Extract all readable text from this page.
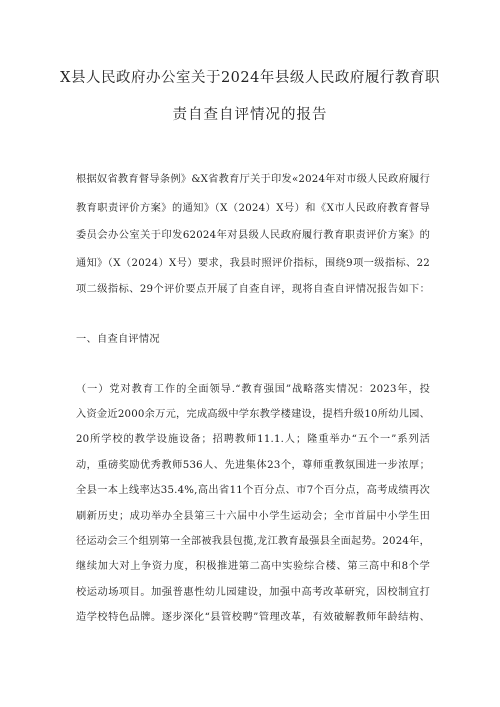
X县人民政府办公室关于2024年县级人民政府履行教育职
责自查自评情况的报告
根据奴省教育督导条例》&X省教育厅关于印发«2024年对市级人民政府履行
教育职责评价方案》的通知》（X（2024）X号）和《X市人民政府教育督导
委员会办公室关于印发62024年对县级人民政府履行教育职责评价方案》的
通知》（X（2024）X号）要求，我县时照评价指标，围绕9项一级指标、22
项二级指标、29个评价要点开展了自查自评，现将自查自评情况报告如下：
一、自查自评情况
（一）党对教育工作的全面领导.“教育强国”战略落实情况：2023年，投
入资金近2000余万元，完成高级中学东教学楼建设，提档升级10所幼儿园、
20所学校的教学设施设备；招聘教师11.1.人；隆重举办“五个一”系列活
动，重磅奖励优秀教师536人、先进集体23个，尊师重教氛围进一步浓厚；
全县一本上线率达35.4%,高出省11个百分点、市7个百分点，高考成绩再次
刷新历史；成功举办全县第三十六届中小学生运动会；全市首届中小学生田
径运动会三个组别第一全部被我县包揽,龙江教育最强县全面起势。2024年，
继续加大对上争资力度，积极推进第二高中实验综合楼、第三高中和8个学
校运动场项目。加强普惠性幼儿园建设，加强中高考改革研究，因校制宜打
造学校特色品牌。逐步深化“县管校聘”管理改革，有效破解教师年龄结构、
